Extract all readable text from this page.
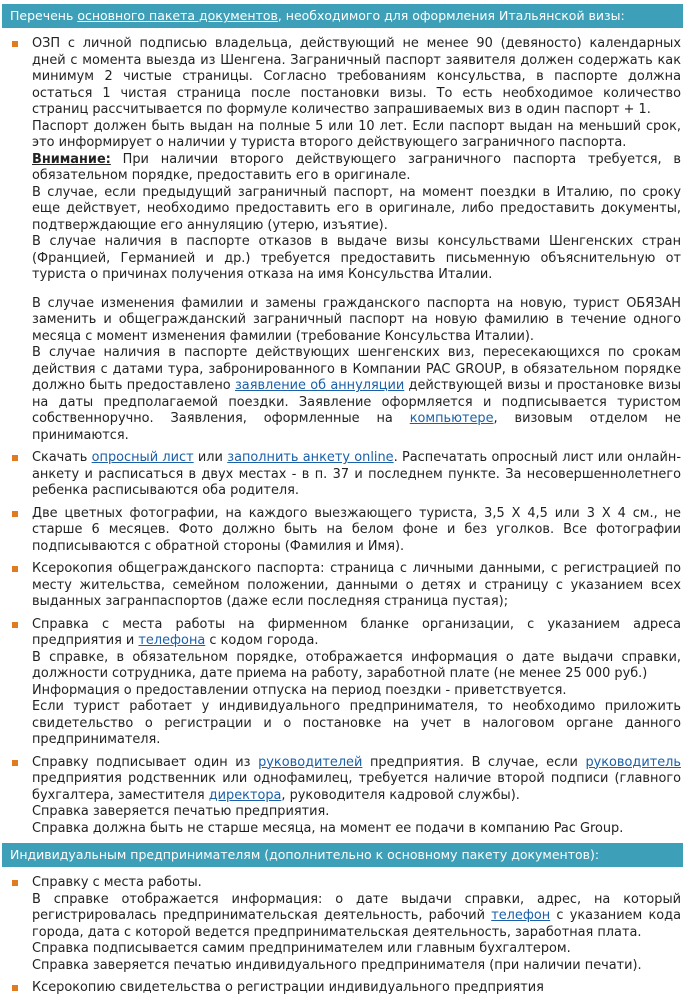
Перечень основного пакета документов, необходимого для оформления Итальянской визы:

ОЗП с личной подписью владельца, действующий не менее 90 (девяносто) календарных дней с момента выезда из Шенгена. Заграничный паспорт заявителя должен содержать как минимум 2 чистые страницы. Согласно требованиям консульства, в паспорте должна остаться 1 чистая страница после постановки визы. То есть необходимое количество страниц рассчитывается по формуле количество запрашиваемых виз в один паспорт + 1.

Паспорт должен быть выдан на полные 5 или 10 лет. Если паспорт выдан на меньший срок, это информирует о наличии у туриста второго действующего заграничного паспорта.

Внимание: При наличии второго действующего заграничного паспорта требуется, в обязательном порядке, предоставить его в оригинале.

В случае, если предыдущий заграничный паспорт, на момент поездки в Италию, по сроку еще действует, необходимо предоставить его в оригинале, либо предоставить документы, подтверждающие его аннуляцию (утерю, изъятие).

В случае наличия в паспорте отказов в выдаче визы консульствами Шенгенских стран (Францией, Германией и др.) требуется предоставить письменную объяснительную от туриста о причинах получения отказа на имя Консульства Италии.

В случае изменения фамилии и замены гражданского паспорта на новую, турист ОБЯЗАН заменить и общегражданский заграничный паспорт на новую фамилию в течение одного месяца с момент изменения фамилии (требование Консульства Италии).

В случае наличия в паспорте действующих шенгенских виз, пересекающихся по срокам действия с датами тура, забронированного в Компании PAC GROUP, в обязательном порядке должно быть предоставлено заявление об аннуляции действующей визы и простановке визы на даты предполагаемой поездки. Заявление оформляется и подписывается туристом собственноручно. Заявления, оформленные на компьютере, визовым отделом не принимаются.

Скачать опросный лист или заполнить анкету online. Распечатать опросный лист или онлайн-анкету и расписаться в двух местах - в п. 37 и последнем пункте. За несовершеннолетнего ребенка расписываются оба родителя.

Две цветных фотографии, на каждого выезжающего туриста, 3,5 Х 4,5 или 3 Х 4 см., не старше 6 месяцев. Фото должно быть на белом фоне и без уголков. Все фотографии подписываются с обратной стороны (Фамилия и Имя).

Ксерокопия общегражданского паспорта: страница с личными данными, с регистрацией по месту жительства, семейном положении, данными о детях и страницу с указанием всех выданных загранпаспортов (даже если последняя страница пустая);

Справка с места работы на фирменном бланке организации, с указанием адреса предприятия и телефона с кодом города.

В справке, в обязательном порядке, отображается информация о дате выдачи справки, должности сотрудника, дате приема на работу, заработной плате (не менее 25 000 руб.)

Информация о предоставлении отпуска на период поездки - приветствуется.

Если турист работает у индивидуального предпринимателя, то необходимо приложить свидетельство о регистрации и о постановке на учет в налоговом органе данного предпринимателя.

Справку подписывает один из руководителей предприятия. В случае, если руководитель предприятия родственник или однофамилец, требуется наличие второй подписи (главного бухгалтера, заместителя директора, руководителя кадровой службы).

Справка заверяется печатью предприятия.

Справка должна быть не старше месяца, на момент ее подачи в компанию Pac Group.

Индивидуальным предпринимателям (дополнительно к основному пакету документов):

Справку с места работы.

В справке отображается информация: о дате выдачи справки, адрес, на который регистрировалась предпринимательская деятельность, рабочий телефон с указанием кода города, дата с которой ведется предпринимательская деятельность, заработная плата.

Справка подписывается самим предпринимателем или главным бухгалтером.

Справка заверяется печатью индивидуального предпринимателя (при наличии печати).

Ксерокопию свидетельства о регистрации индивидуального предприятия
